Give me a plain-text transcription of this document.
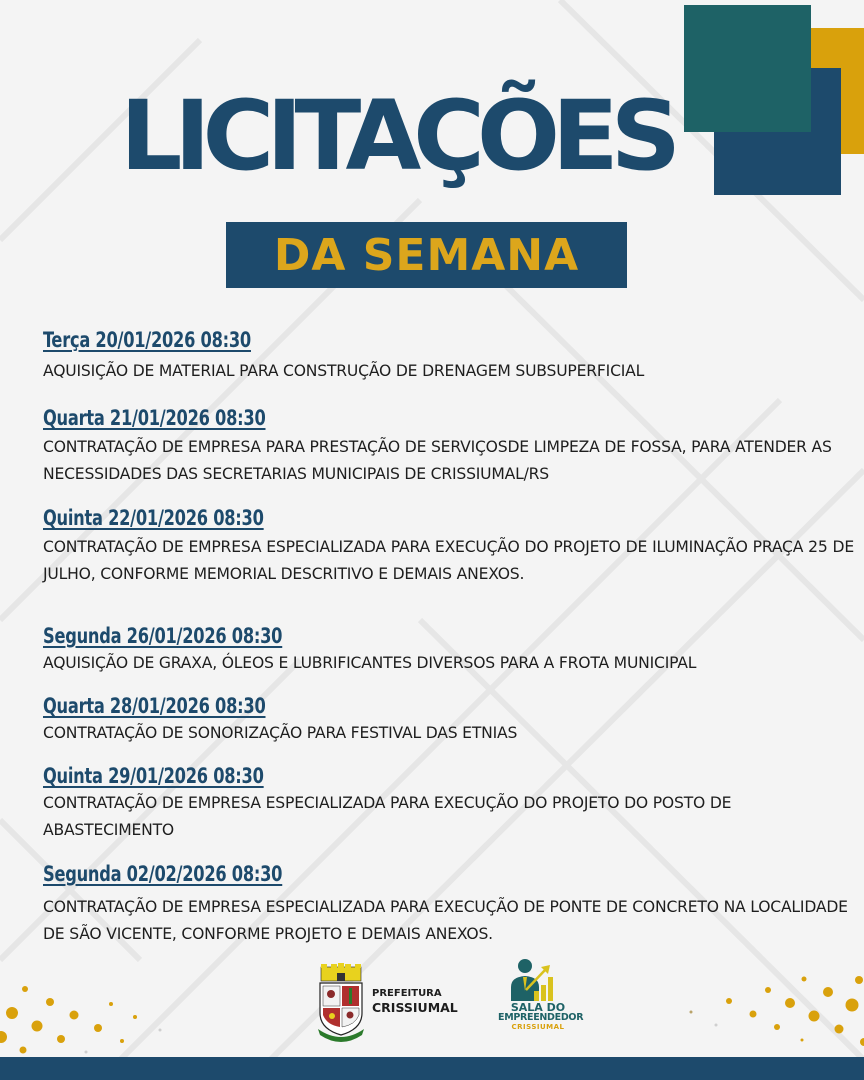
LICITAÇÕES
DA SEMANA
Terça 20/01/2026 08:30
AQUISIÇÃO DE MATERIAL PARA CONSTRUÇÃO DE DRENAGEM SUBSUPERFICIAL
Quarta 21/01/2026 08:30
CONTRATAÇÃO DE EMPRESA PARA PRESTAÇÃO DE SERVIÇOSDE LIMPEZA DE FOSSA, PARA ATENDER AS NECESSIDADES DAS SECRETARIAS MUNICIPAIS DE CRISSIUMAL/RS
Quinta 22/01/2026 08:30
CONTRATAÇÃO DE EMPRESA ESPECIALIZADA PARA EXECUÇÃO DO PROJETO DE ILUMINAÇÃO PRAÇA 25 DE JULHO, CONFORME MEMORIAL DESCRITIVO E DEMAIS ANEXOS.
Segunda 26/01/2026 08:30
AQUISIÇÃO DE GRAXA, ÓLEOS E LUBRIFICANTES DIVERSOS PARA A FROTA MUNICIPAL
Quarta 28/01/2026 08:30
CONTRATAÇÃO DE SONORIZAÇÃO PARA FESTIVAL DAS ETNIAS
Quinta 29/01/2026 08:30
CONTRATAÇÃO DE EMPRESA ESPECIALIZADA PARA EXECUÇÃO DO PROJETO DO POSTO DE ABASTECIMENTO
Segunda 02/02/2026 08:30
CONTRATAÇÃO DE EMPRESA ESPECIALIZADA PARA EXECUÇÃO DE PONTE DE CONCRETO NA LOCALIDADE DE SÃO VICENTE, CONFORME PROJETO E DEMAIS ANEXOS.
PREFEITURA
CRISSIUMAL	SALA DO
EMPREENDEDOR
CRISSIUMAL
